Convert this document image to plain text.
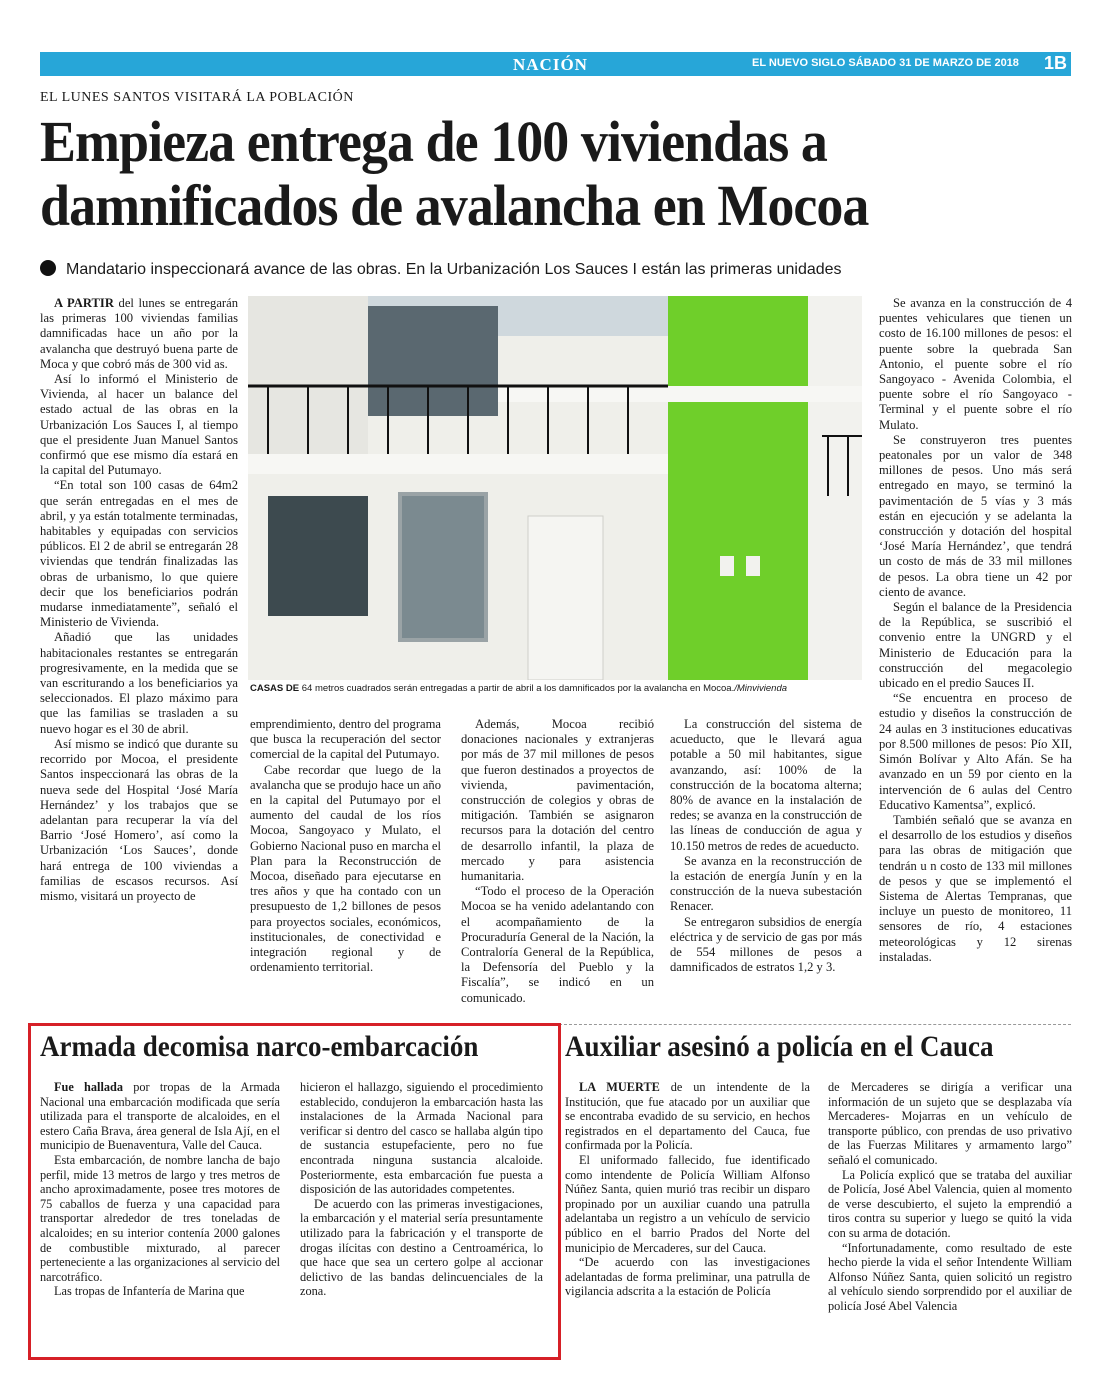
NACIÓN	EL NUEVO SIGLO SÁBADO 31 DE MARZO DE 2018 1B
EL LUNES SANTOS VISITARÁ LA POBLACIÓN
Empieza entrega de 100 viviendas a
damnificados de avalancha en Mocoa
Mandatario inspeccionará avance de las obras. En la Urbanización Los Sauces I están las primeras unidades

A PARTIR del lunes se entregarán las primeras 100 viviendas familias damnificadas hace un año por la avalancha que destruyó buena parte de Moca y que cobró más de 300 vid as.

Así lo informó el Ministerio de Vivienda, al hacer un balance del estado actual de las obras en la Urbanización Los Sauces I, al tiempo que el presidente Juan Manuel Santos confirmó que ese mismo día estará en la capital del Putumayo.

“En total son 100 casas de 64m2 que serán entregadas en el mes de abril, y ya están totalmente terminadas, habitables y equipadas con servicios públicos. El 2 de abril se entregarán 28 viviendas que tendrán finalizadas las obras de urbanismo, lo que quiere decir que los beneficiarios podrán mudarse inmediatamente”, señaló el Ministerio de Vivienda.

Añadió que las unidades habitacionales restantes se entregarán progresivamente, en la medida que se van escriturando a los beneficiarios ya seleccionados. El plazo máximo para que las familias se trasladen a su nuevo hogar es el 30 de abril.

Así mismo se indicó que durante su recorrido por Mocoa, el presidente Santos inspeccionará las obras de la nueva sede del Hospital ‘José María Hernández’ y los trabajos que se adelantan para recuperar la vía del Barrio ‘José Homero’, así como la Urbanización ‘Los Sauces’, donde hará entrega de 100 viviendas a familias de escasos recursos. Así mismo, visitará un proyecto de

CASAS DE 64 metros cuadrados serán entregadas a partir de abril a los damnificados por la avalancha en Mocoa./Minvivienda

emprendimiento, dentro del programa que busca la recuperación del sector comercial de la capital del Putumayo.

Cabe recordar que luego de la avalancha que se produjo hace un año en la capital del Putumayo por el aumento del caudal de los ríos Mocoa, Sangoyaco y Mulato, el Gobierno Nacional puso en marcha el Plan para la Reconstrucción de Mocoa, diseñado para ejecutarse en tres años y que ha contado con un presupuesto de 1,2 billones de pesos para proyectos sociales, económicos, institucionales, de conectividad e integración regional y de ordenamiento territorial.

Además, Mocoa recibió donaciones nacionales y extranjeras por más de 37 mil millones de pesos que fueron destinados a proyectos de vivienda, pavimentación, construcción de colegios y obras de mitigación. También se asignaron recursos para la dotación del centro de desarrollo infantil, la plaza de mercado y para asistencia humanitaria.

“Todo el proceso de la Operación Mocoa se ha venido adelantando con el acompañamiento de la Procuraduría General de la Nación, la Contraloría General de la República, la Defensoría del Pueblo y la Fiscalía”, se indicó en un comunicado.

La construcción del sistema de acueducto, que le llevará agua potable a 50 mil habitantes, sigue avanzando, así: 100% de la construcción de la bocatoma alterna; 80% de avance en la instalación de redes; se avanza en la construcción de las líneas de conducción de agua y 10.150 metros de redes de acueducto.

Se avanza en la reconstrucción de la estación de energía Junín y en la construcción de la nueva subestación Renacer.

Se entregaron subsidios de energía eléctrica y de servicio de gas por más de 554 millones de pesos a damnificados de estratos 1,2 y 3.

Se avanza en la construcción de 4 puentes vehiculares que tienen un costo de 16.100 millones de pesos: el puente sobre la quebrada San Antonio, el puente sobre el río Sangoyaco - Avenida Colombia, el puente sobre el río Sangoyaco - Terminal y el puente sobre el río Mulato.

Se construyeron tres puentes peatonales por un valor de 348 millones de pesos. Uno más será entregado en mayo, se terminó la pavimentación de 5 vías y 3 más están en ejecución y se adelanta la construcción y dotación del hospital ‘José María Hernández’, que tendrá un costo de más de 33 mil millones de pesos. La obra tiene un 42 por ciento de avance.

Según el balance de la Presidencia de la República, se suscribió el convenio entre la UNGRD y el Ministerio de Educación para la construcción del megacolegio ubicado en el predio Sauces II.

“Se encuentra en proceso de estudio y diseños la construcción de 24 aulas en 3 instituciones educativas por 8.500 millones de pesos: Pío XII, Simón Bolívar y Alto Afán. Se ha avanzado en un 59 por ciento en la intervención de 6 aulas del Centro Educativo Kamentsa”, explicó.

También señaló que se avanza en el desarrollo de los estudios y diseños para las obras de mitigación que tendrán u n costo de 133 mil millones de pesos y que se implementó el Sistema de Alertas Tempranas, que incluye un puesto de monitoreo, 11 sensores de río, 4 estaciones meteorológicas y 12 sirenas instaladas.

Armada decomisa narco-embarcación

Fue hallada por tropas de la Armada Nacional una embarcación modificada que sería utilizada para el transporte de alcaloides, en el estero Caña Brava, área general de Isla Ají, en el municipio de Buenaventura, Valle del Cauca.

Esta embarcación, de nombre lancha de bajo perfil, mide 13 metros de largo y tres metros de ancho aproximadamente, posee tres motores de 75 caballos de fuerza y una capacidad para transportar alrededor de tres toneladas de alcaloides; en su interior contenía 2000 galones de combustible mixturado, al parecer perteneciente a las organizaciones al servicio del narcotráfico.

Las tropas de Infantería de Marina que

hicieron el hallazgo, siguiendo el procedimiento establecido, condujeron la embarcación hasta las instalaciones de la Armada Nacional para verificar si dentro del casco se hallaba algún tipo de sustancia estupefaciente, pero no fue encontrada ninguna sustancia alcaloide. Posteriormente, esta embarcación fue puesta a disposición de las autoridades competentes.

De acuerdo con las primeras investigaciones, la embarcación y el material sería presuntamente utilizado para la fabricación y el transporte de drogas ilícitas con destino a Centroamérica, lo que hace que sea un certero golpe al accionar delictivo de las bandas delincuenciales de la zona.

Auxiliar asesinó a policía en el Cauca

LA MUERTE de un intendente de la Institución, que fue atacado por un auxiliar que se encontraba evadido de su servicio, en hechos registrados en el departamento del Cauca, fue confirmada por la Policía.

El uniformado fallecido, fue identificado como intendente de Policía William Alfonso Núñez Santa, quien murió tras recibir un disparo propinado por un auxiliar cuando una patrulla adelantaba un registro a un vehículo de servicio público en el barrio Prados del Norte del municipio de Mercaderes, sur del Cauca.

“De acuerdo con las investigaciones adelantadas de forma preliminar, una patrulla de vigilancia adscrita a la estación de Policía

de Mercaderes se dirigía a verificar una información de un sujeto que se desplazaba vía Mercaderes- Mojarras en un vehículo de transporte público, con prendas de uso privativo de las Fuerzas Militares y armamento largo” señaló el comunicado.

La Policía explicó que se trataba del auxiliar de Policía, José Abel Valencia, quien al momento de verse descubierto, el sujeto la emprendió a tiros contra su superior y luego se quitó la vida con su arma de dotación.

“Infortunadamente, como resultado de este hecho pierde la vida el señor Intendente William Alfonso Núñez Santa, quien solicitó un registro al vehículo siendo sorprendido por el auxiliar de policía José Abel Valencia
